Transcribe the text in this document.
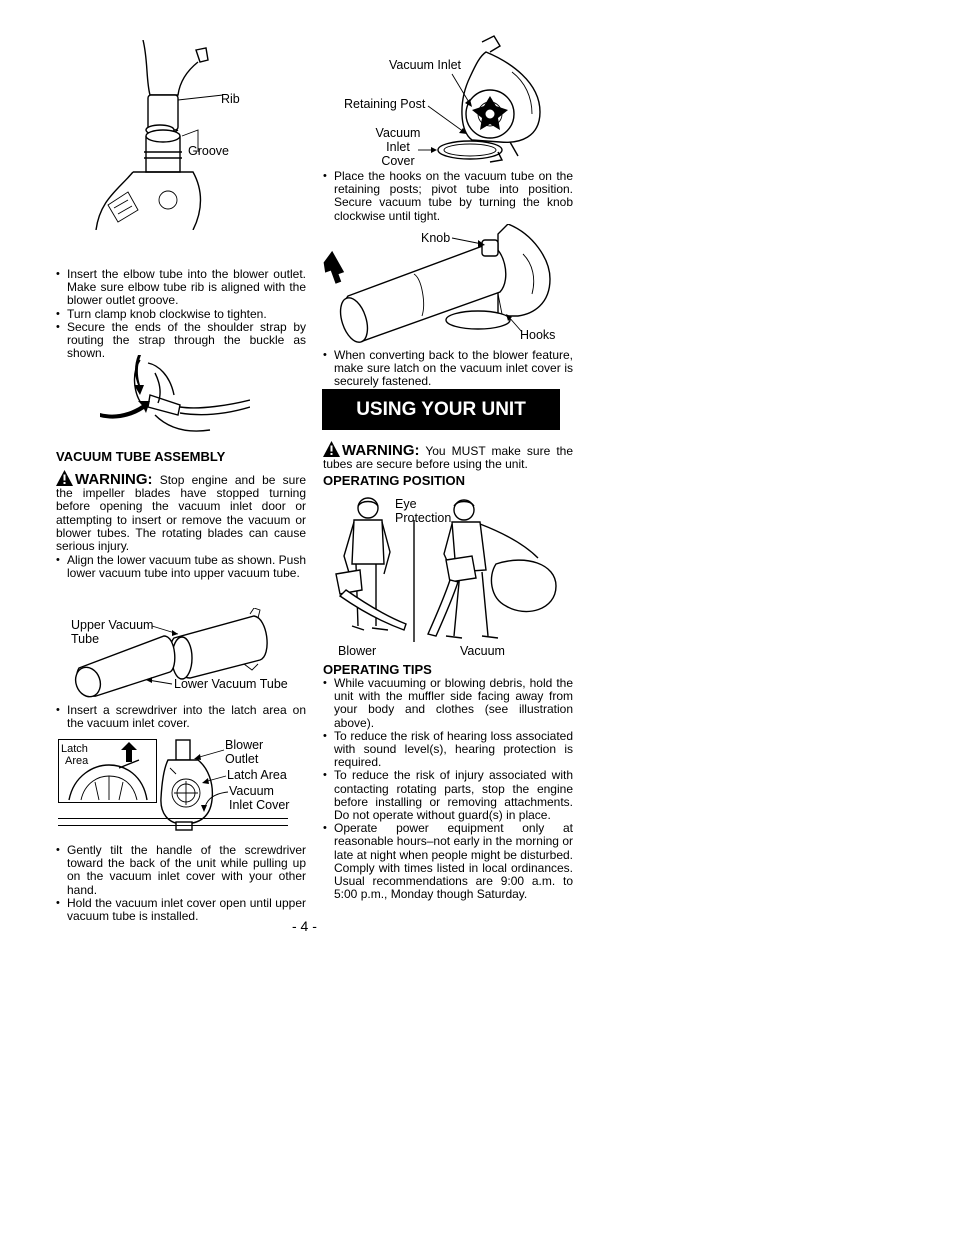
Rib
Groove
• Insert the elbow tube into the blower outlet. Make sure elbow tube rib is aligned with the blower outlet groove.
• Turn clamp knob clockwise to tighten.
• Secure the ends of the shoulder strap by routing the strap through the buckle as shown.
VACUUM TUBE ASSEMBLY
WARNING: Stop engine and be sure the impeller blades have stopped turning before opening the vacuum inlet door or attempting to insert or remove the vacuum or blower tubes. The rotating blades can cause serious injury.
• Align the lower vacuum tube as shown. Push lower vacuum tube into upper vacuum tube.
Upper Vacuum
Tube
Lower Vacuum Tube
• Insert a screwdriver into the latch area on the vacuum inlet cover.
Latch
Area
Blower
Outlet
Latch Area
Vacuum
Inlet Cover
• Gently tilt the handle of the screwdriver toward the back of the unit while pulling up on the vacuum inlet cover with your other hand.
• Hold the vacuum inlet cover open until upper vacuum tube is installed.
Vacuum Inlet
Retaining Post
Vacuum
Inlet
Cover
• Place the hooks on the vacuum tube on the retaining posts; pivot tube into position. Secure vacuum tube by turning the knob clockwise until tight.
Knob
Hooks
• When converting back to the blower feature, make sure latch on the vacuum inlet cover is securely fastened.
USING YOUR UNIT
WARNING: You MUST make sure the tubes are secure before using the unit.
OPERATING POSITION
Eye
Protection
Blower	Vacuum
OPERATING TIPS
• While vacuuming or blowing debris, hold the unit with the muffler side facing away from your body and clothes (see illustration above).
• To reduce the risk of hearing loss associated with sound level(s), hearing protection is required.
• To reduce the risk of injury associated with contacting rotating parts, stop the engine before installing or removing attachments. Do not operate without guard(s) in place.
• Operate power equipment only at reasonable hours–not early in the morning or late at night when people might be disturbed. Comply with times listed in local ordinances. Usual recommendations are 9:00 a.m. to 5:00 p.m., Monday though Saturday.
- 4 -
